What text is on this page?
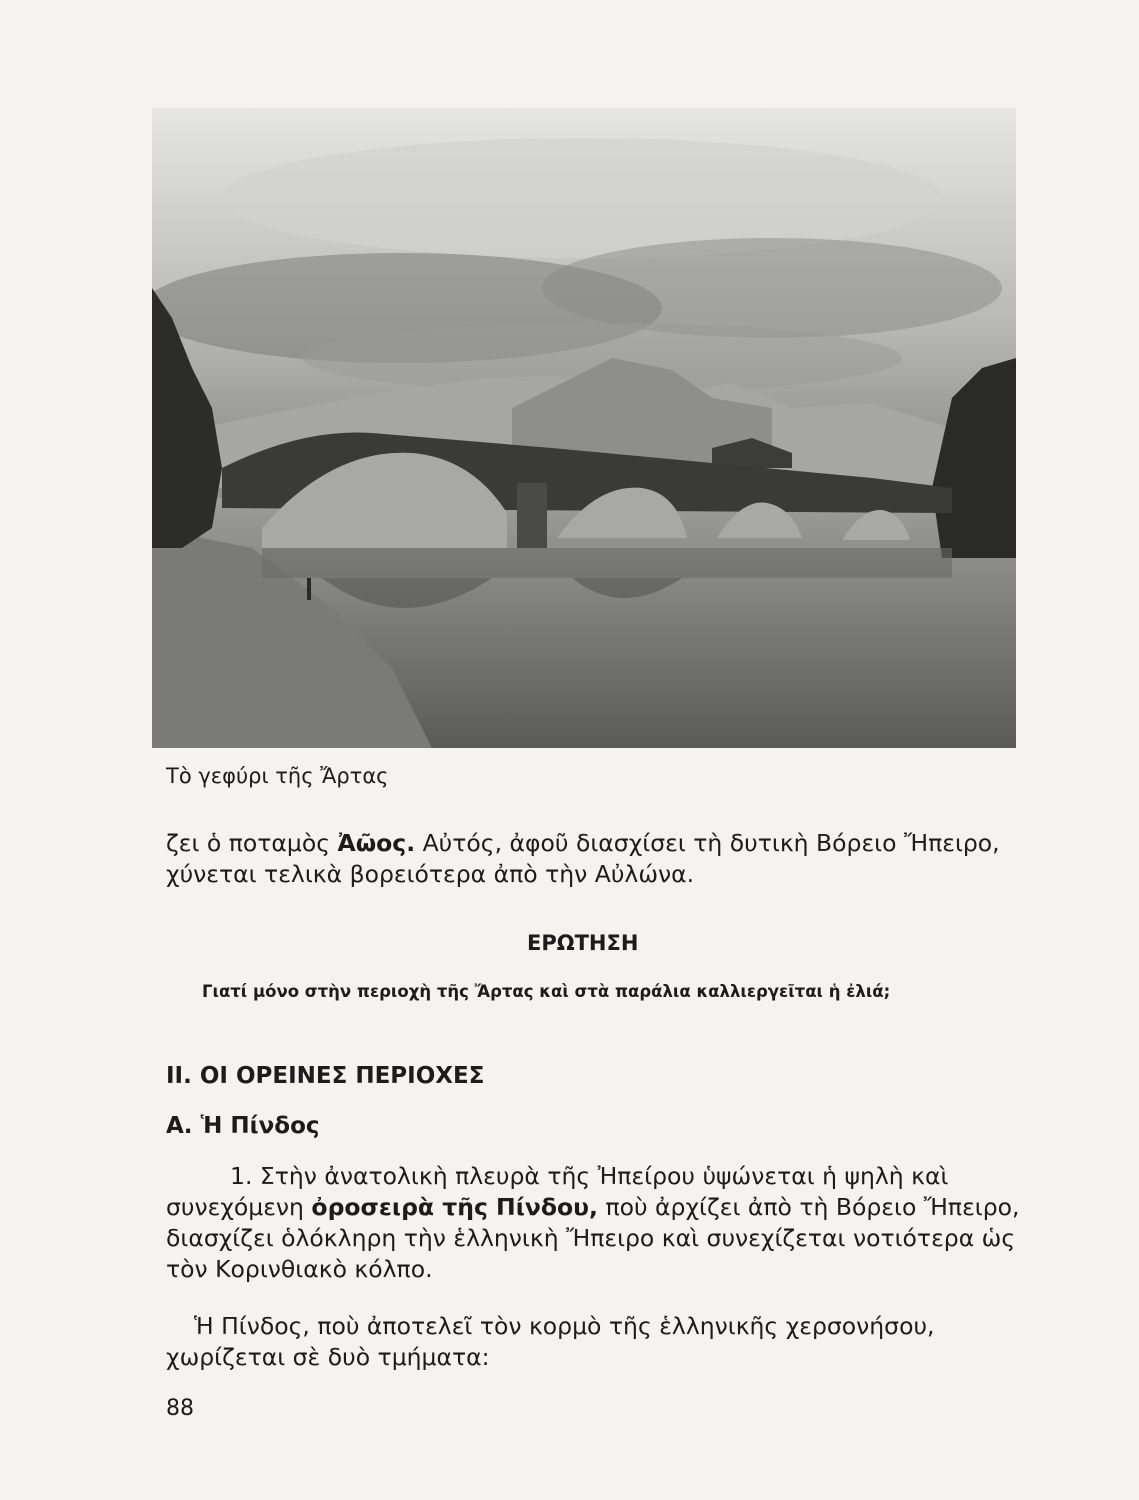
Τὸ γεφύρι τῆς Ἄρτας

ζει ὁ ποταμὸς Ἀῶος. Αὐτός, ἀφοῦ διασχίσει τὴ δυτικὴ Βόρειο Ἤπειρο,
χύνεται τελικὰ βορειότερα ἀπὸ τὴν Αὐλώνα.

ΕΡΩΤΗΣΗ

Γιατί μόνο στὴν περιοχὴ τῆς Ἄρτας καὶ στὰ παράλια καλλιεργεῖται ἡ ἐλιά;

ΙΙ. ΟΙ ΟΡΕΙΝΕΣ ΠΕΡΙΟΧΕΣ

Α. Ἡ Πίνδος

1. Στὴν ἀνατολικὴ πλευρὰ τῆς Ἠπείρου ὑψώνεται ἡ ψηλὴ καὶ
συνεχόμενη ὀροσειρὰ τῆς Πίνδου, ποὺ ἀρχίζει ἀπὸ τὴ Βόρειο Ἤπειρο,
διασχίζει ὁλόκληρη τὴν ἑλληνικὴ Ἤπειρο καὶ συνεχίζεται νοτιότερα ὡς
τὸν Κορινθιακὸ κόλπο.

Ἡ Πίνδος, ποὺ ἀποτελεῖ τὸν κορμὸ τῆς ἑλληνικῆς χερσονήσου,
χωρίζεται σὲ δυὸ τμήματα:

88
